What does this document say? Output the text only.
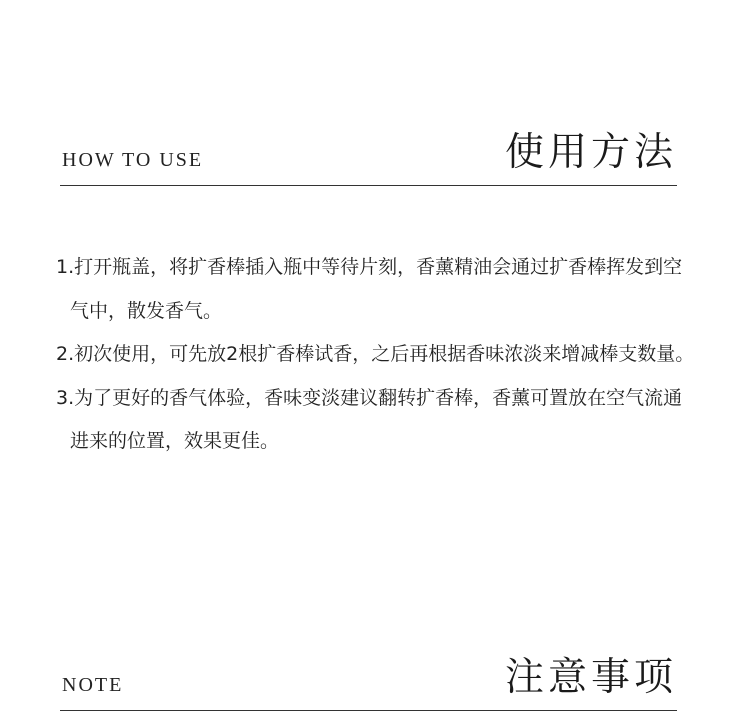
HOW TO USE	使用方法
1.打开瓶盖，将扩香棒插入瓶中等待片刻，香薰精油会通过扩香棒挥发到空气中，散发香气。
2.初次使用，可先放2根扩香棒试香，之后再根据香味浓淡来增减棒支数量。
3.为了更好的香气体验，香味变淡建议翻转扩香棒，香薰可置放在空气流通进来的位置，效果更佳。
NOTE	注意事项
